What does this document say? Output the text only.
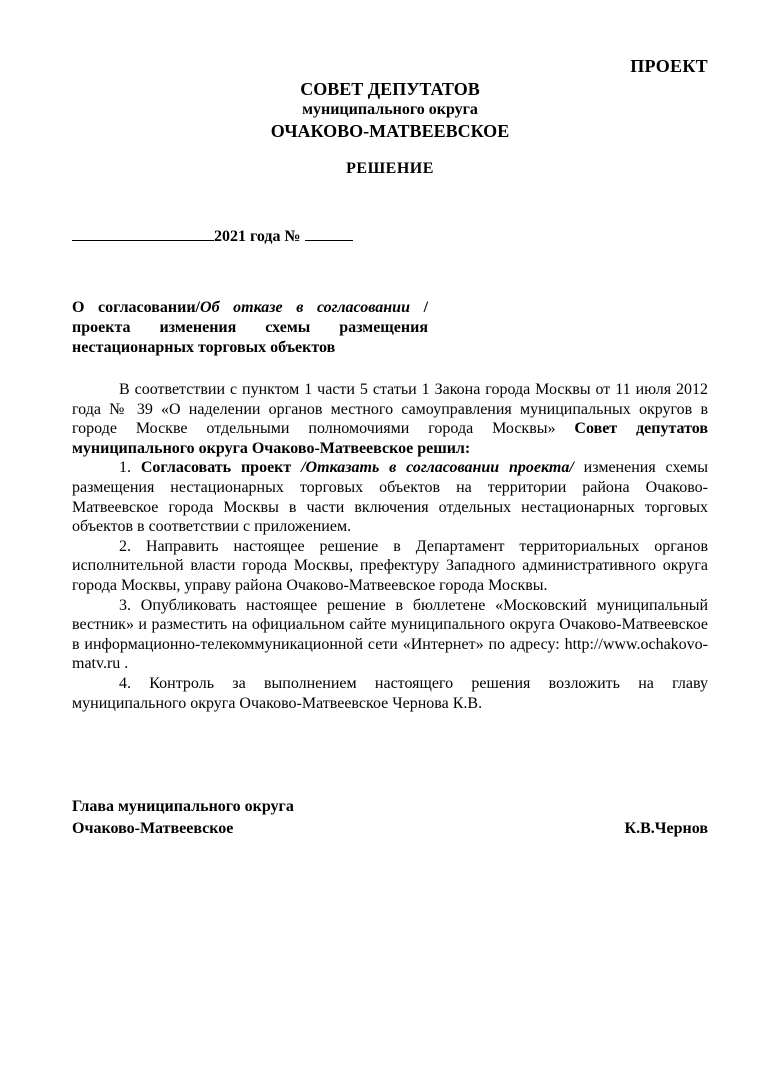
ПРОЕКТ
СОВЕТ ДЕПУТАТОВ
муниципального округа
ОЧАКОВО-МАТВЕЕВСКОЕ
РЕШЕНИЕ
2021 года №
О согласовании/Об отказе в согласовании / проекта изменения схемы размещения нестационарных торговых объектов

В соответствии с пунктом 1 части 5 статьи 1 Закона города Москвы от 11 июля 2012 года № 39 «О наделении органов местного самоуправления муниципальных округов в городе Москве отдельными полномочиями города Москвы» Совет депутатов муниципального округа Очаково-Матвеевское решил:

1. Согласовать проект /Отказать в согласовании проекта/ изменения схемы размещения нестационарных торговых объектов на территории района Очаково-Матвеевское города Москвы в части включения отдельных нестационарных торговых объектов в соответствии с приложением.

2. Направить настоящее решение в Департамент территориальных органов исполнительной власти города Москвы, префектуру Западного административного округа города Москвы, управу района Очаково-Матвеевское города Москвы.

3. Опубликовать настоящее решение в бюллетене «Московский муниципальный вестник» и разместить на официальном сайте муниципального округа Очаково-Матвеевское в информационно-телекоммуникационной сети «Интернет» по адресу: http://www.ochakovo-matv.ru .

4. Контроль за выполнением настоящего решения возложить на главу муниципального округа Очаково-Матвеевское Чернова К.В.

Глава муниципального округа
Очаково-Матвеевское	К.В.Чернов
